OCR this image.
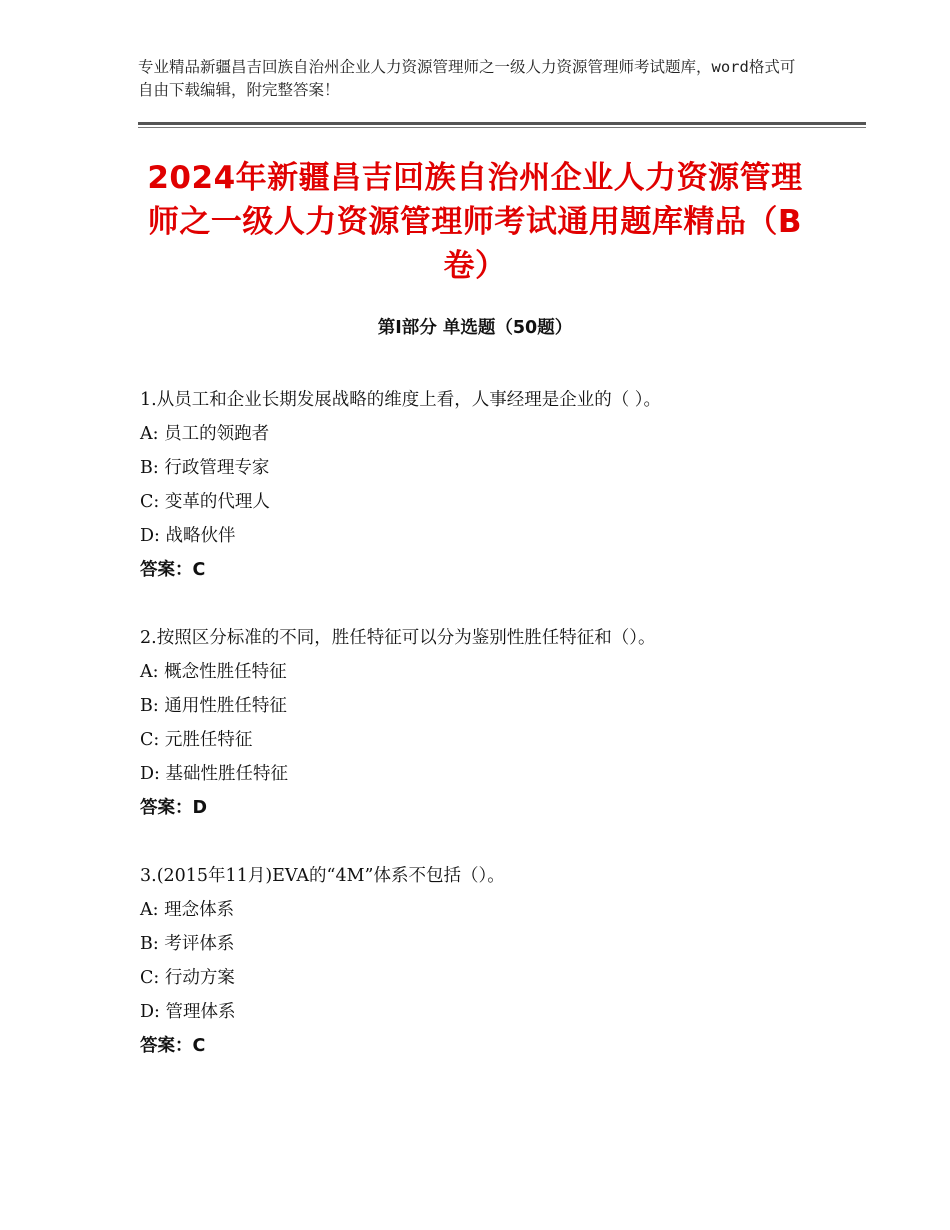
专业精品新疆昌吉回族自治州企业人力资源管理师之一级人力资源管理师考试题库，word格式可自由下载编辑，附完整答案！
2024年新疆昌吉回族自治州企业人力资源管理师之一级人力资源管理师考试通用题库精品（B卷）
第Ⅰ部分 单选题（50题）
1.从员工和企业长期发展战略的维度上看，人事经理是企业的（ ）。
A: 员工的领跑者
B: 行政管理专家
C: 变革的代理人
D: 战略伙伴
答案：C
2.按照区分标准的不同，胜任特征可以分为鉴别性胜任特征和（）。
A: 概念性胜任特征
B: 通用性胜任特征
C: 元胜任特征
D: 基础性胜任特征
答案：D
3.(2015年11月)EVA的“4M”体系不包括（）。
A: 理念体系
B: 考评体系
C: 行动方案
D: 管理体系
答案：C
